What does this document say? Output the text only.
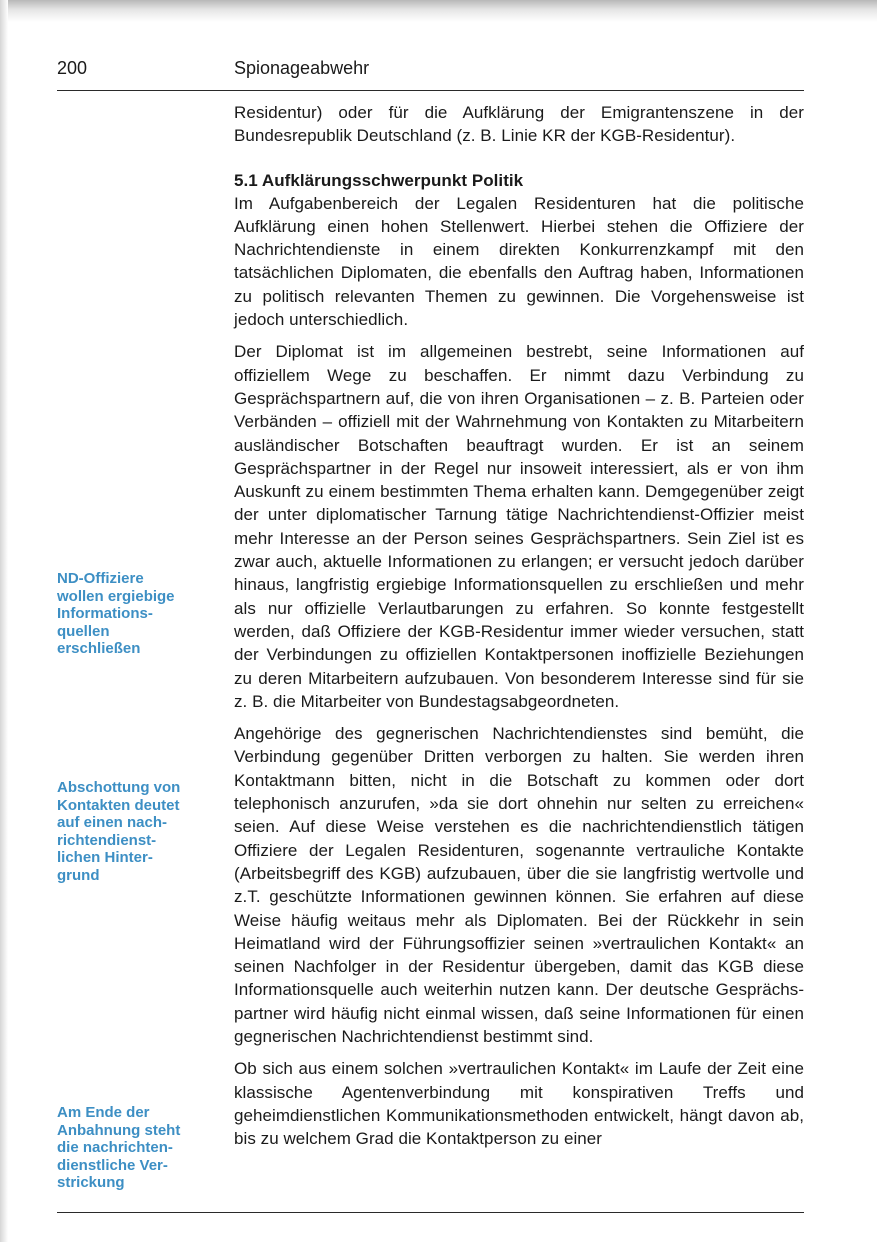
200	Spionageabwehr

Residentur) oder für die Aufklärung der Emigrantenszene in der Bundesrepublik Deutschland (z. B. Linie KR der KGB-Residentur).

5.1 Aufklärungsschwerpunkt Politik

Im Aufgabenbereich der Legalen Residenturen hat die politische Aufklärung einen hohen Stellenwert. Hierbei stehen die Offiziere der Nachrichtendienste in einem direkten Konkurrenzkampf mit den tatsächlichen Diplomaten, die ebenfalls den Auftrag haben, Informationen zu politisch relevanten Themen zu gewinnen. Die Vorgehensweise ist jedoch unterschiedlich.

Der Diplomat ist im allgemeinen bestrebt, seine Informationen auf offiziellem Wege zu beschaffen. Er nimmt dazu Verbindung zu Gesprächspartnern auf, die von ihren Organisationen – z. B. Parteien oder Verbänden – offiziell mit der Wahrnehmung von Kontakten zu Mitarbeitern ausländischer Botschaften beauftragt wurden. Er ist an seinem Gesprächspartner in der Regel nur insoweit interessiert, als er von ihm Auskunft zu einem bestimmten Thema erhalten kann. Demgegenüber zeigt der unter diplomatischer Tarnung tätige Nachrichtendienst-Offizier meist mehr Interesse an der Person seines Gesprächspartners. Sein Ziel ist es zwar auch, aktuelle Informationen zu erlangen; er versucht jedoch darüber hinaus, langfristig ergiebige Informationsquellen zu erschließen und mehr als nur offizielle Verlautbarungen zu erfahren. So konnte festgestellt werden, daß Offiziere der KGB-Residentur immer wieder versuchen, statt der Verbindungen zu offiziellen Kontaktpersonen inoffizielle Beziehungen zu deren Mitarbeitern aufzubauen. Von besonderem Interesse sind für sie z. B. die Mitarbeiter von Bundestagsabgeordneten.

Angehörige des gegnerischen Nachrichtendienstes sind bemüht, die Verbindung gegenüber Dritten verborgen zu halten. Sie werden ihren Kontaktmann bitten, nicht in die Botschaft zu kommen oder dort telephonisch anzurufen, »da sie dort ohnehin nur selten zu erreichen« seien. Auf diese Weise verstehen es die nachrichtendienstlich tätigen Offiziere der Legalen Residenturen, sogenannte vertrauliche Kontakte (Arbeitsbegriff des KGB) aufzubauen, über die sie langfristig wertvolle und z.T. geschützte Informationen gewinnen können. Sie erfahren auf diese Weise häufig weitaus mehr als Diplomaten. Bei der Rückkehr in sein Heimatland wird der Führungsoffizier seinen »vertraulichen Kontakt« an seinen Nachfolger in der Residentur übergeben, damit das KGB diese Informationsquelle auch weiterhin nutzen kann. Der deutsche Gesprächspartner wird häufig nicht einmal wissen, daß seine Informationen für einen gegnerischen Nachrichtendienst bestimmt sind.

Ob sich aus einem solchen »vertraulichen Kontakt« im Laufe der Zeit eine klassische Agentenverbindung mit konspirativen Treffs und geheimdienstlichen Kommunikationsmethoden entwickelt, hängt davon ab, bis zu welchem Grad die Kontaktperson zu einer

ND-Offiziere
wollen ergiebige
Informations-
quellen
erschließen
Abschottung von
Kontakten deutet
auf einen nach-
richtendienst-
lichen Hinter-
grund
Am Ende der
Anbahnung steht
die nachrichten-
dienstliche Ver-
strickung
